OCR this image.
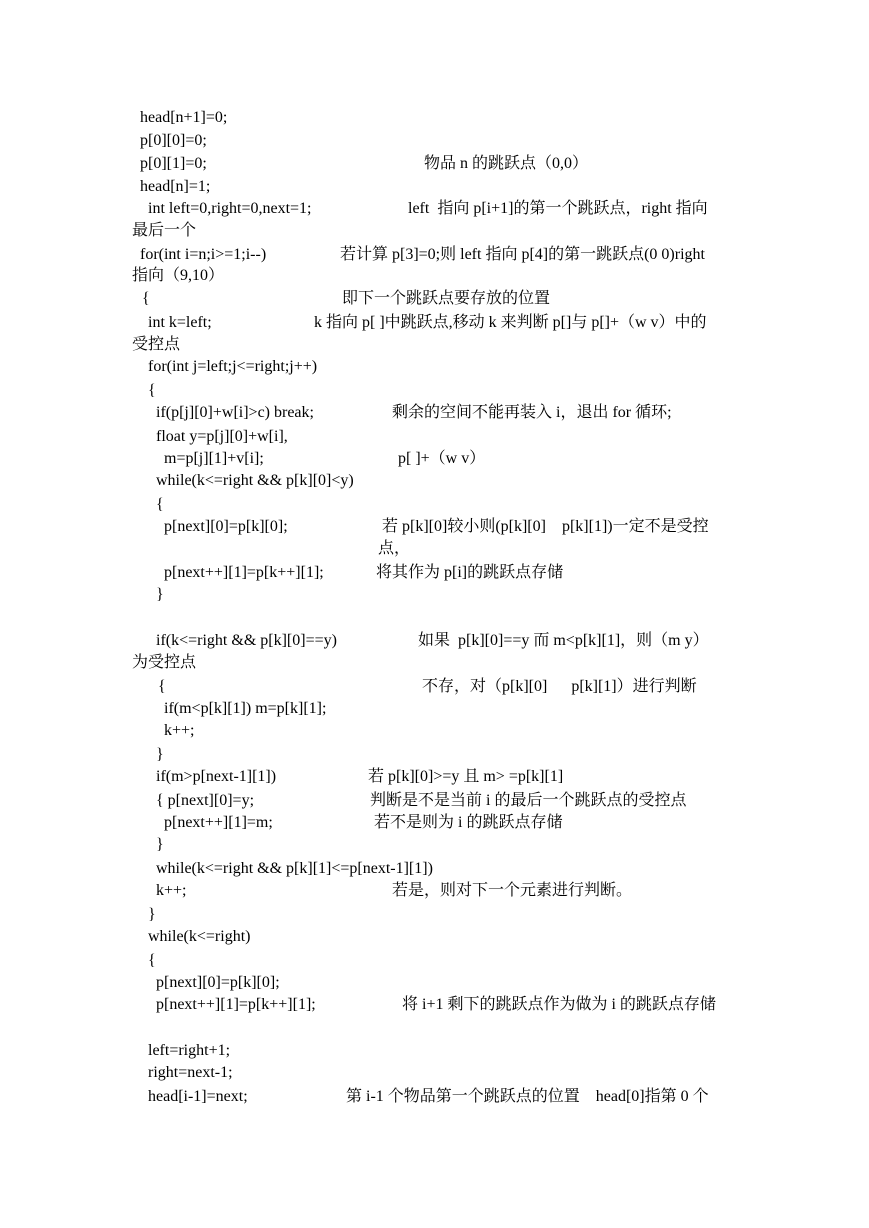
head[n+1]=0;
p[0][0]=0;
p[0][1]=0;	物品 n 的跳跃点（0,0）
head[n]=1;
int left=0,right=0,next=1;	left  指向 p[i+1]的第一个跳跃点，right 指向
最后一个
for(int i=n;i>=1;i--)	若计算 p[3]=0;则 left 指向 p[4]的第一跳跃点(0 0)right
指向（9,10）
{	即下一个跳跃点要存放的位置
int k=left;	k 指向 p[ ]中跳跃点,移动 k 来判断 p[]与 p[]+（w v）中的
受控点
for(int j=left;j<=right;j++)
{
if(p[j][0]+w[i]>c) break;	剩余的空间不能再装入 i，退出 for 循环;
float y=p[j][0]+w[i],
m=p[j][1]+v[i];	p[ ]+（w v）
while(k<=right && p[k][0]<y)
{
p[next][0]=p[k][0];	若 p[k][0]较小则(p[k][0]    p[k][1])一定不是受控
点，
p[next++][1]=p[k++][1];	将其作为 p[i]的跳跃点存储
}
if(k<=right && p[k][0]==y)	如果  p[k][0]==y 而 m<p[k][1]，则（m y）
为受控点
{	不存，对（p[k][0]      p[k][1]）进行判断
if(m<p[k][1]) m=p[k][1];
k++;
}
if(m>p[next-1][1])	若 p[k][0]>=y 且 m> =p[k][1]
{ p[next][0]=y;	判断是不是当前 i 的最后一个跳跃点的受控点
p[next++][1]=m;	若不是则为 i 的跳跃点存储
}
while(k<=right && p[k][1]<=p[next-1][1])
k++;	若是，则对下一个元素进行判断。
}
while(k<=right)
{
p[next][0]=p[k][0];
p[next++][1]=p[k++][1];	将 i+1 剩下的跳跃点作为做为 i 的跳跃点存储
left=right+1;
right=next-1;
head[i-1]=next;	第 i-1 个物品第一个跳跃点的位置    head[0]指第 0 个
